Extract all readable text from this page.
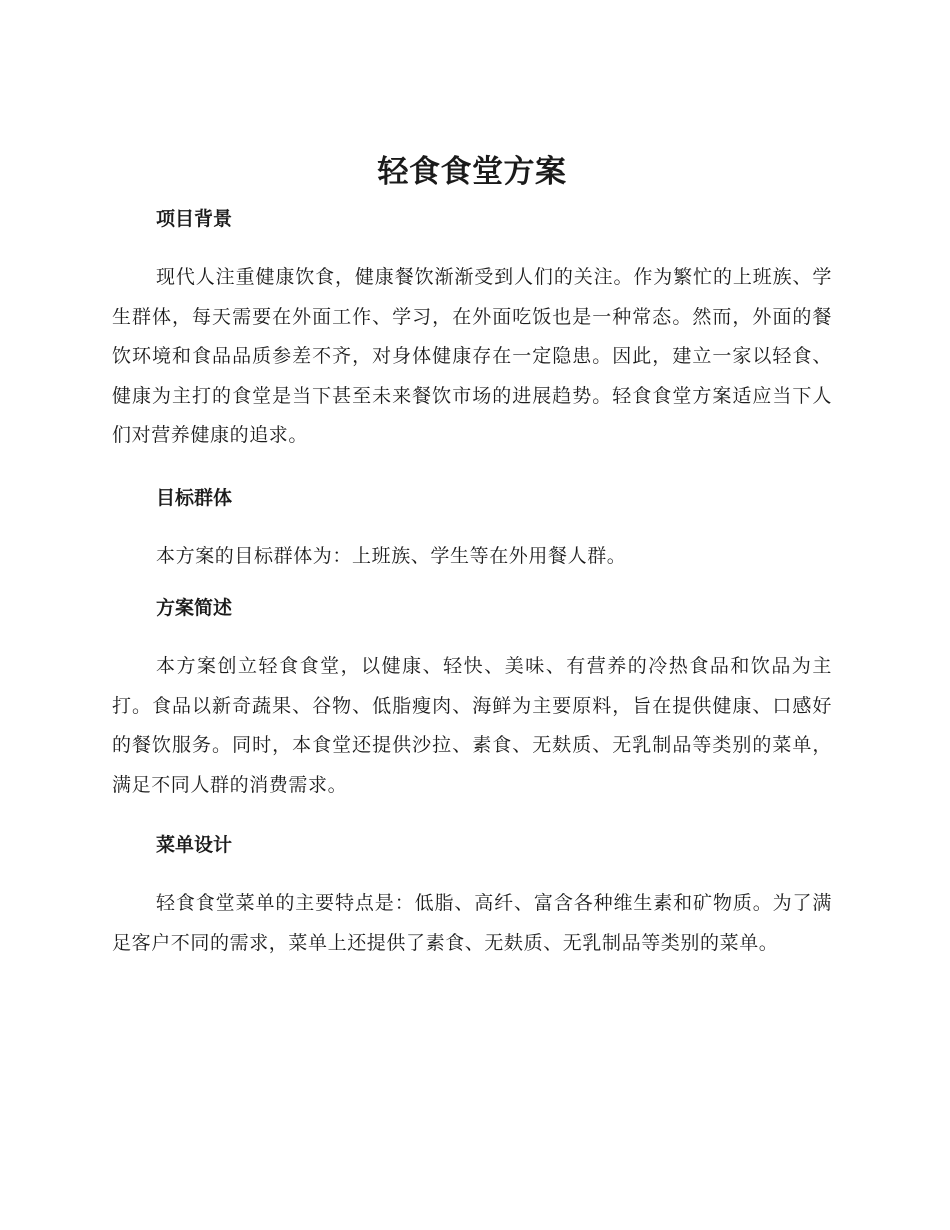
轻食食堂方案
项目背景

现代人注重健康饮食，健康餐饮渐渐受到人们的关注。作为繁忙的上班族、学生群体，每天需要在外面工作、学习，在外面吃饭也是一种常态。然而，外面的餐饮环境和食品品质参差不齐，对身体健康存在一定隐患。因此，建立一家以轻食、健康为主打的食堂是当下甚至未来餐饮市场的进展趋势。轻食食堂方案适应当下人们对营养健康的追求。

目标群体

本方案的目标群体为：上班族、学生等在外用餐人群。

方案简述

本方案创立轻食食堂，以健康、轻快、美味、有营养的冷热食品和饮品为主打。食品以新奇蔬果、谷物、低脂瘦肉、海鲜为主要原料，旨在提供健康、口感好的餐饮服务。同时，本食堂还提供沙拉、素食、无麸质、无乳制品等类别的菜单，满足不同人群的消费需求。

菜单设计

轻食食堂菜单的主要特点是：低脂、高纤、富含各种维生素和矿物质。为了满足客户不同的需求，菜单上还提供了素食、无麸质、无乳制品等类别的菜单。
